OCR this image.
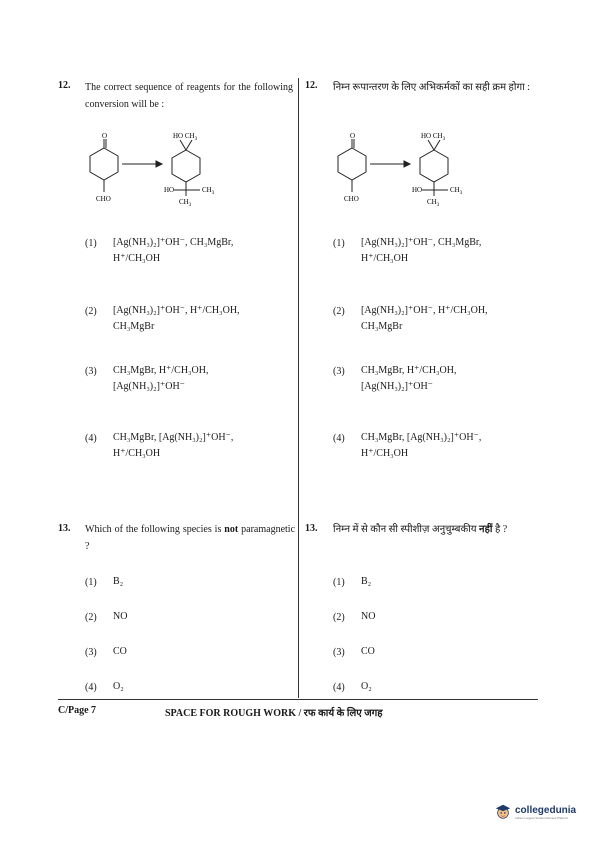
12. The correct sequence of reagents for the following conversion will be :
12. निम्न रूपान्तरण के लिए अभिकर्मकों का सही क्रम होगा :
O
CHO
HO $CH_3$
HO	$CH_3$
$CH_3$
O
CHO
HO $CH_3$
HO	$CH_3$
$CH_3$
(1) [Ag(NH₃)₂]⁺OH⁻, CH₃MgBr,
H⁺/CH₃OH
(2) [Ag(NH₃)₂]⁺OH⁻, H⁺/CH₃OH,
CH₃MgBr
(3) CH₃MgBr, H⁺/CH₃OH,
[Ag(NH₃)₂]⁺OH⁻
(4) CH₃MgBr, [Ag(NH₃)₂]⁺OH⁻,
H⁺/CH₃OH
(1) [Ag(NH₃)₂]⁺OH⁻, CH₃MgBr,
H⁺/CH₃OH
(2) [Ag(NH₃)₂]⁺OH⁻, H⁺/CH₃OH,
CH₃MgBr
(3) CH₃MgBr, H⁺/CH₃OH,
[Ag(NH₃)₂]⁺OH⁻
(4) CH₃MgBr, [Ag(NH₃)₂]⁺OH⁻,
H⁺/CH₃OH
13. Which of the following species is not paramagnetic ?
13. निम्न में से कौन सी स्पीशीज़ अनुचुम्बकीय नहीं है ?
(1) B₂
(2) NO
(3) CO
(4) O₂
(1) B₂
(2) NO
(3) CO
(4) O₂
C/Page 7	SPACE FOR ROUGH WORK / रफ कार्य के लिए जगह
collegedunia
India's Largest Student Review Platform
